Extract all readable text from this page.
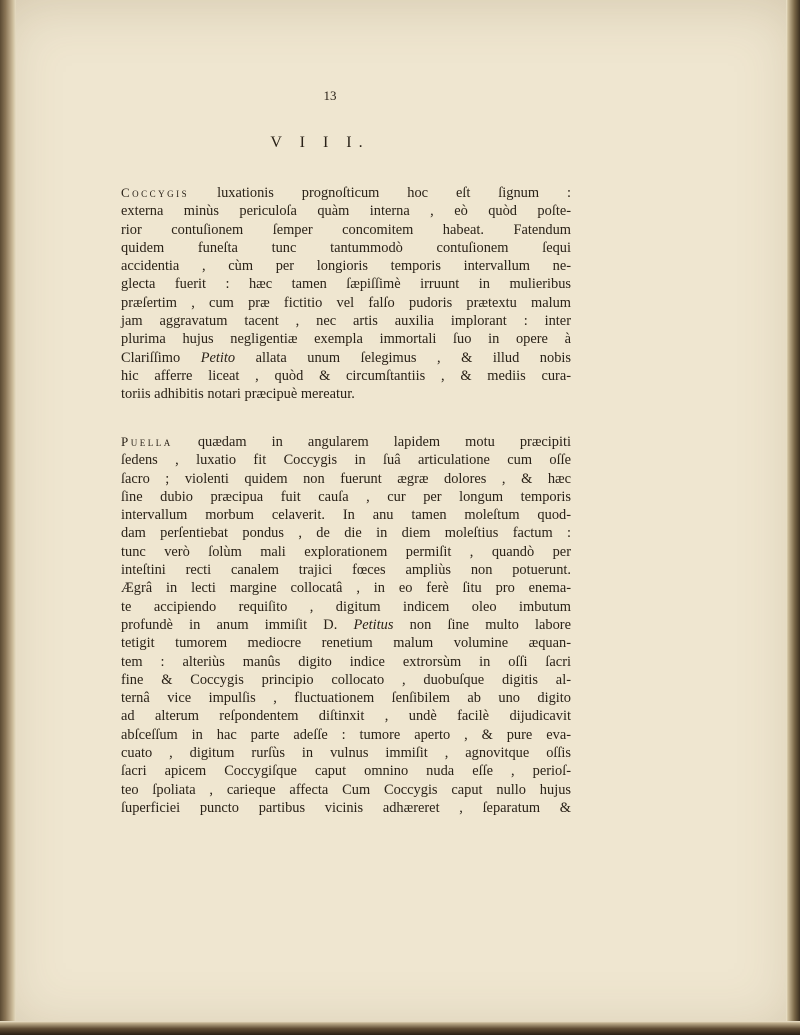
13
V I I I.
Coccygis luxationis prognoſticum hoc eſt ſignum :
externa minùs periculoſa quàm interna , eò quòd poſte-
rior contuſionem ſemper concomitem habeat. Fatendum
quidem funeſta tunc tantummodò contuſionem ſequi
accidentia , cùm per longioris temporis intervallum ne-
glecta fuerit : hæc tamen ſæpiſſimè irruunt in mulieribus
præſertim , cum præ fictitio vel falſo pudoris prætextu malum
jam aggravatum tacent , nec artis auxilia implorant : inter
plurima hujus negligentiæ exempla immortali ſuo in opere à
Clariſſimo Petito allata unum ſelegimus , & illud nobis
hic afferre liceat , quòd & circumſtantiis , & mediis cura-
toriis adhibitis notari præcipuè mereatur.
Puella quædam in angularem lapidem motu præcipiti
ſedens , luxatio fit Coccygis in ſuâ articulatione cum oſſe
ſacro ; violenti quidem non fuerunt ægræ dolores , & hæc
ſine dubio præcipua fuit cauſa , cur per longum temporis
intervallum morbum celaverit. In anu tamen moleſtum quod-
dam perſentiebat pondus , de die in diem moleſtius factum :
tunc verò ſolùm mali explorationem permiſit , quandò per
inteſtini recti canalem trajici fœces ampliùs non potuerunt.
Ægrâ in lecti margine collocatâ , in eo ferè ſitu pro enema-
te accipiendo requiſito , digitum indicem oleo imbutum
profundè in anum immiſit D. Petitus non ſine multo labore
tetigit tumorem mediocre renetium malum volumine æquan-
tem : alteriùs manûs digito indice extrorsùm in oſſi ſacri
fine & Coccygis principio collocato , duobuſque digitis al-
ternâ vice impulſis , fluctuationem ſenſibilem ab uno digito
ad alterum reſpondentem diſtinxit , undè facilè dijudicavit
abſceſſum in hac parte adeſſe : tumore aperto , & pure eva-
cuato , digitum rurſùs in vulnus immiſit , agnovitque oſſis
ſacri apicem Coccygiſque caput omnino nuda eſſe , perioſ-
teo ſpoliata , carieque affecta Cum Coccygis caput nullo hujus
ſuperficiei puncto partibus vicinis adhæreret , ſeparatum &
